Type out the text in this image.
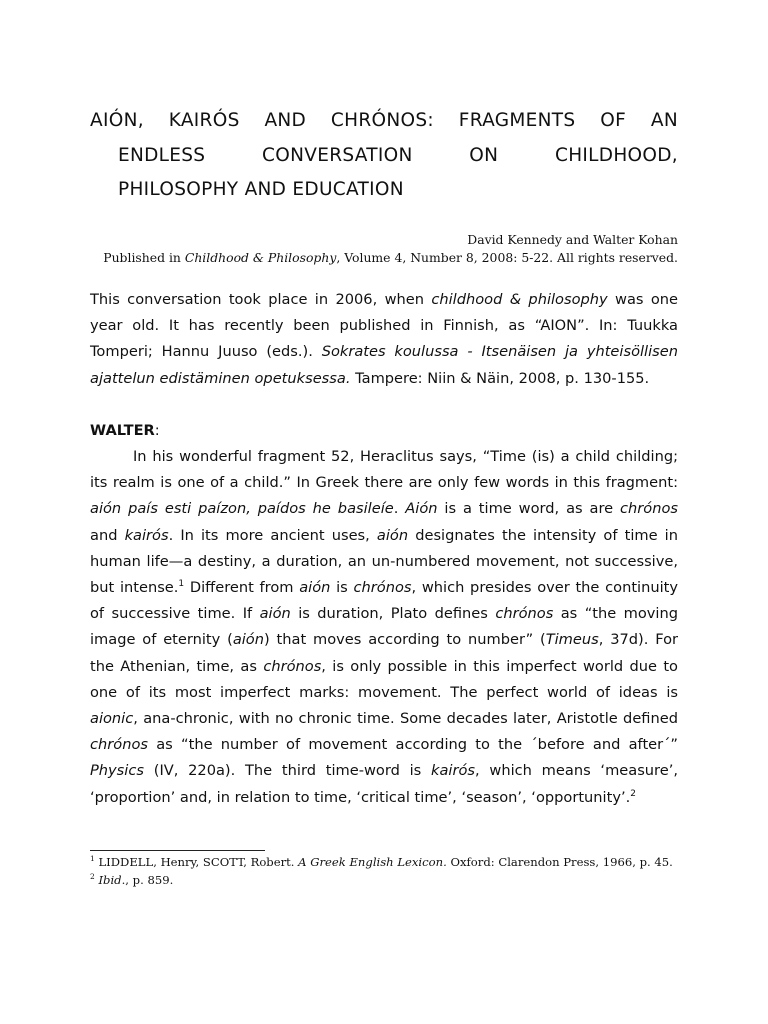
AIÓN, KAIRÓS AND CHRÓNOS: FRAGMENTS OF AN
ENDLESS CONVERSATION ON CHILDHOOD,
PHILOSOPHY AND EDUCATION
David Kennedy and Walter Kohan
Published in Childhood & Philosophy, Volume 4, Number 8, 2008: 5-22. All rights reserved.

This conversation took place in 2006, when childhood & philosophy was one year old. It has recently been published in Finnish, as “AION”. In: Tuukka Tomperi; Hannu Juuso (eds.). Sokrates koulussa - Itsenäisen ja yhteisöllisen ajattelun edistäminen opetuksessa. Tampere: Niin & Näin, 2008, p. 130-155.

WALTER:

In his wonderful fragment 52, Heraclitus says, “Time (is) a child childing; its realm is one of a child.” In Greek there are only few words in this fragment: aión país esti paízon, paídos he basileíe. Aión is a time word, as are chrónos and kairós. In its more ancient uses, aión designates the intensity of time in human life—a destiny, a duration, an un-numbered movement, not successive, but intense.$^1$ Different from aión is chrónos, which presides over the continuity of successive time. If aión is duration, Plato defines chrónos as “the moving image of eternity (aión) that moves according to number” (Timeus, 37d). For the Athenian, time, as chrónos, is only possible in this imperfect world due to one of its most imperfect marks: movement. The perfect world of ideas is aionic, ana-chronic, with no chronic time. Some decades later, Aristotle defined chrónos as “the number of movement according to the ´before and after´” Physics (IV, 220a). The third time-word is kairós, which means ‘measure’, ‘proportion’ and, in relation to time, ‘critical time’, ‘season’, ‘opportunity’.$^2$

$^1$ LIDDELL, Henry, SCOTT, Robert. A Greek English Lexicon. Oxford: Clarendon Press, 1966, p. 45.
$^2$ Ibid., p. 859.
